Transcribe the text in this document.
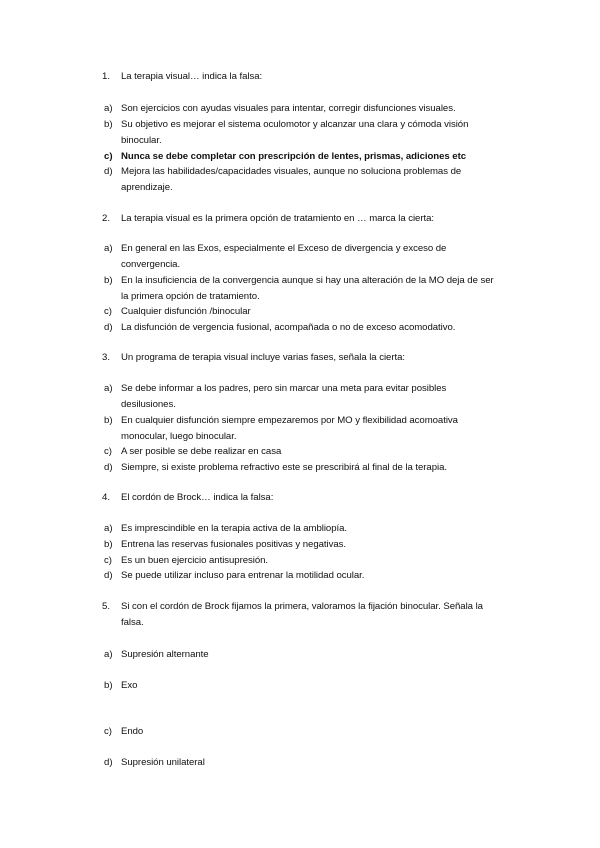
1. La terapia visual… indica la falsa:
a) Son ejercicios con ayudas visuales para intentar, corregir disfunciones visuales.
b) Su objetivo es mejorar el sistema oculomotor y alcanzar una clara y cómoda visión
binocular.
c) Nunca se debe completar con prescripción de lentes, prismas, adiciones etc
d) Mejora las habilidades/capacidades visuales, aunque no soluciona problemas de
aprendizaje.
2. La terapia visual es la primera opción de tratamiento en … marca la cierta:
a) En general en las Exos, especialmente el Exceso de divergencia y exceso de
convergencia.
b) En la insuficiencia de la convergencia aunque si hay una alteración de la MO deja de ser
la primera opción de tratamiento.
c) Cualquier disfunción /binocular
d) La disfunción de vergencia fusional, acompañada o no de exceso acomodativo.
3. Un programa de terapia visual incluye varias fases, señala la cierta:
a) Se debe informar a los padres, pero sin marcar una meta para evitar posibles
desilusiones.
b) En cualquier disfunción siempre empezaremos por MO y flexibilidad acomoativa
monocular, luego binocular.
c) A ser posible se debe realizar en casa
d) Siempre, si existe problema refractivo este se prescribirá al final de la terapia.
4. El cordón de Brock… indica la falsa:
a) Es imprescindible en la terapia activa de la ambliopía.
b) Entrena las reservas fusionales positivas y negativas.
c) Es un buen ejercicio antisupresión.
d) Se puede utilizar incluso para entrenar la motilidad ocular.
5. Si con el cordón de Brock fijamos la primera, valoramos la fijación binocular. Señala la
falsa.
a) Supresión alternante
b) Exo
c) Endo
d) Supresión unilateral
